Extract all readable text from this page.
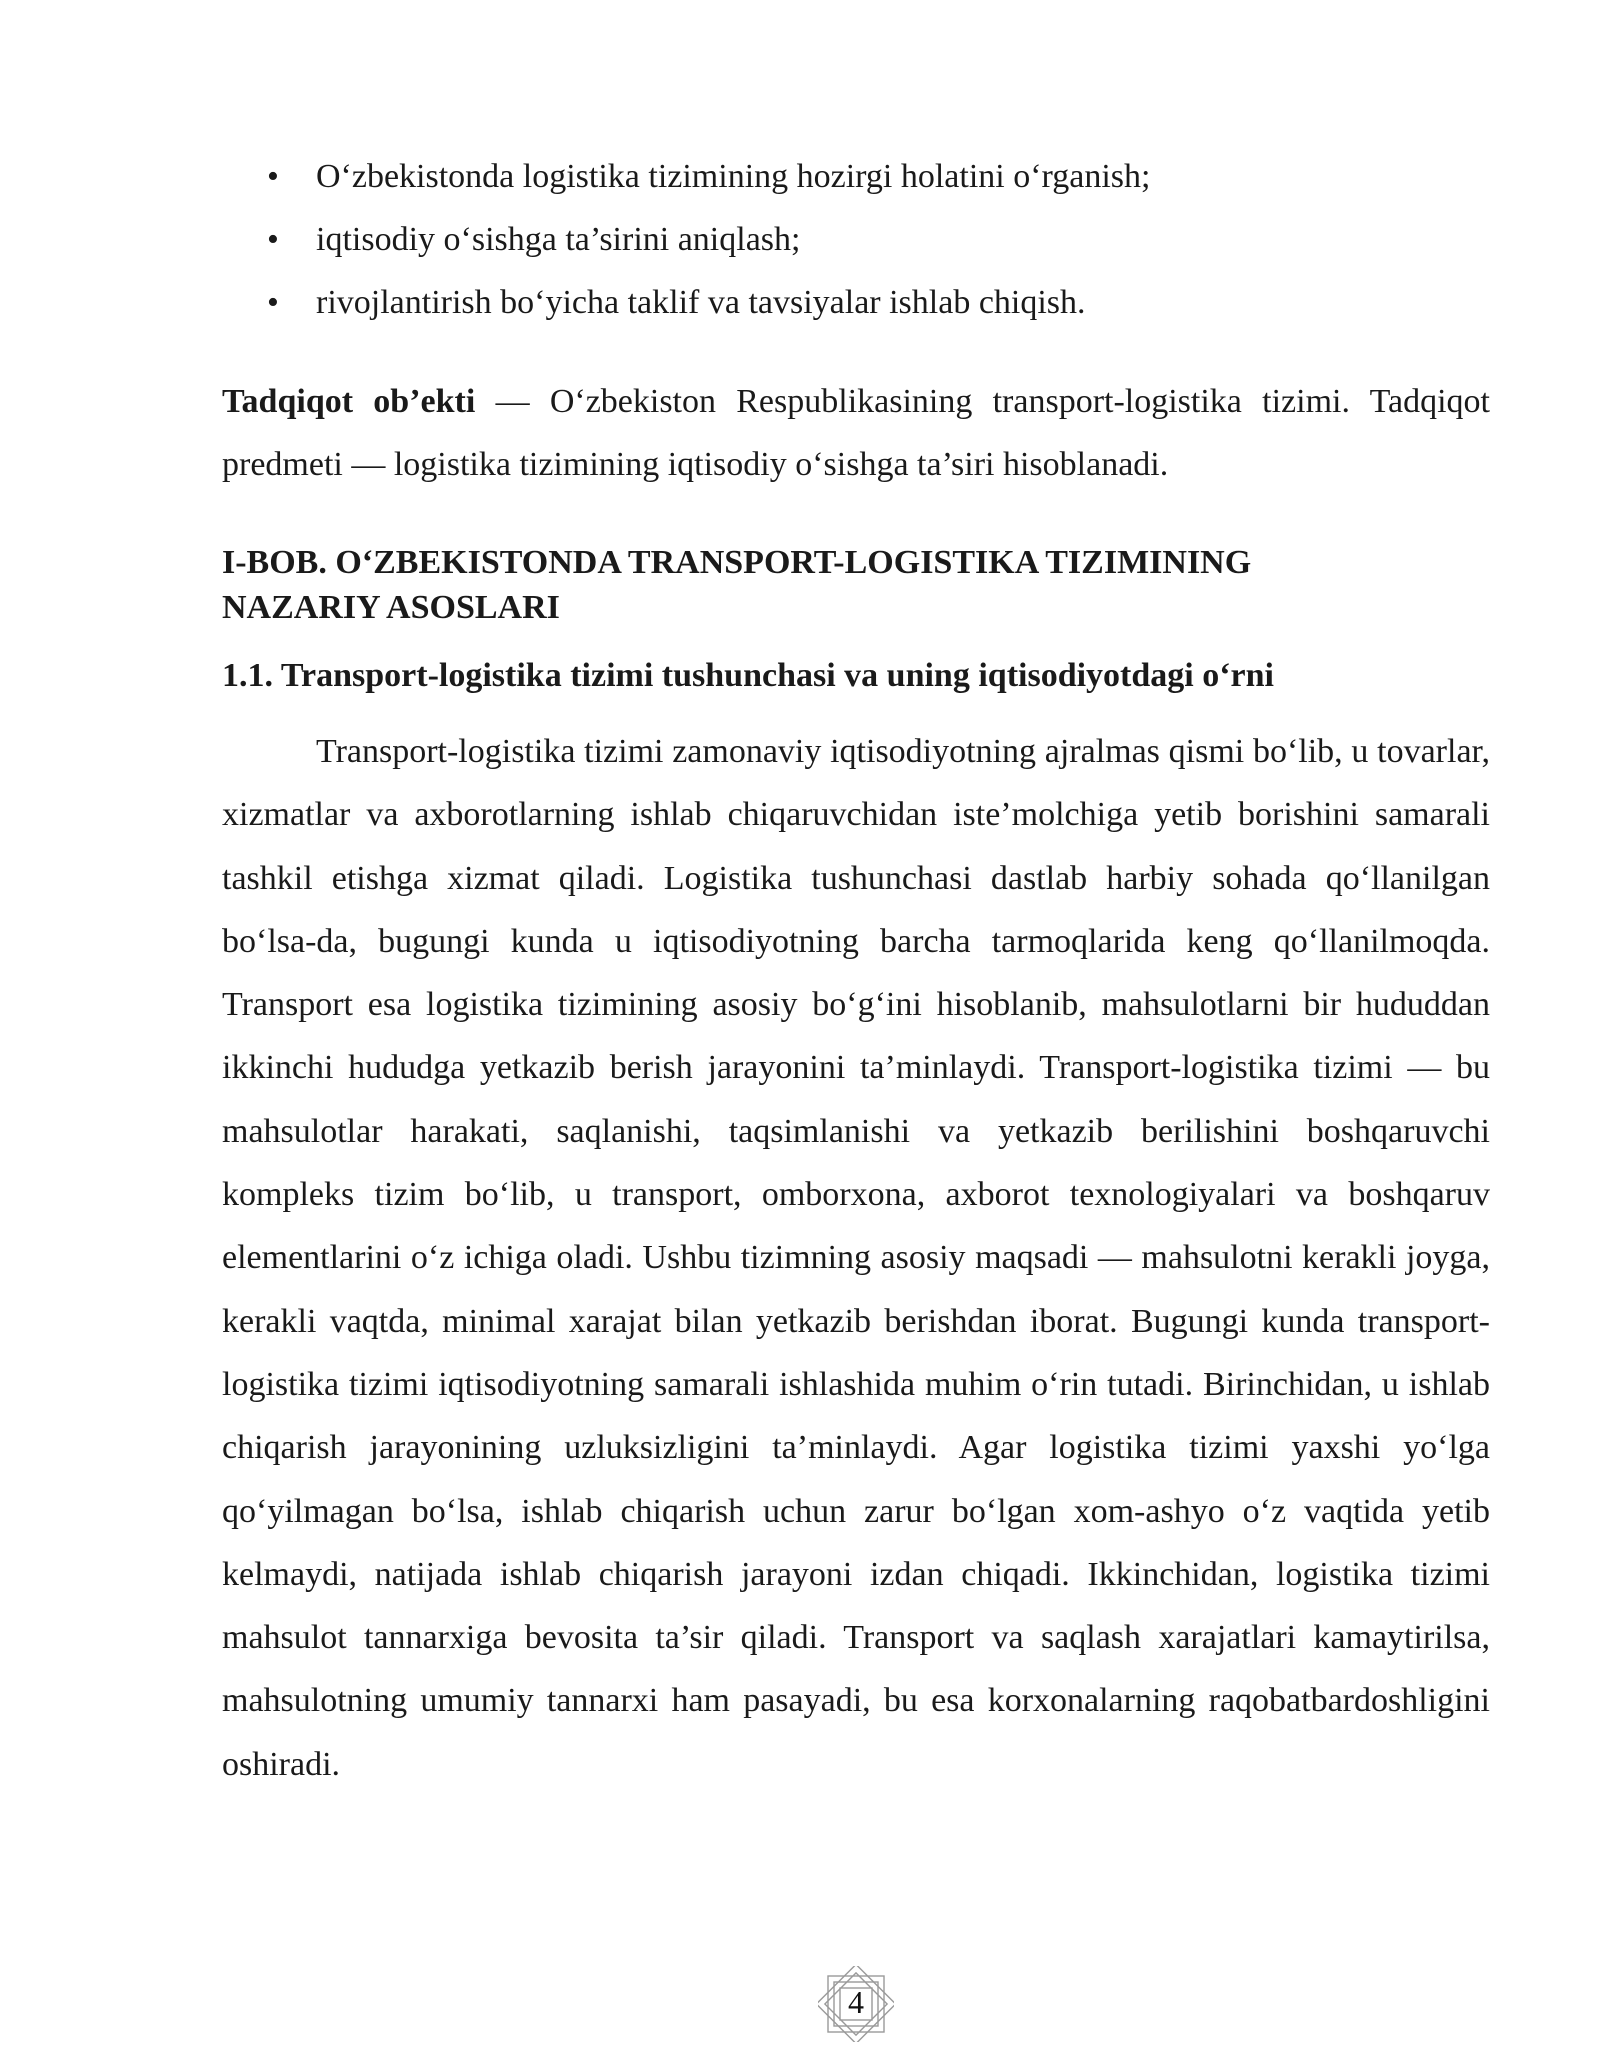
• O‘zbekistonda logistika tizimining hozirgi holatini o‘rganish;
• iqtisodiy o‘sishga ta’sirini aniqlash;
• rivojlantirish bo‘yicha taklif va tavsiyalar ishlab chiqish.

Tadqiqot ob’ekti — O‘zbekiston Respublikasining transport-logistika tizimi. Tadqiqot predmeti — logistika tizimining iqtisodiy o‘sishga ta’siri hisoblanadi.

I-BOB. O‘ZBEKISTONDA TRANSPORT-LOGISTIKA TIZIMINING NAZARIY ASOSLARI
1.1. Transport-logistika tizimi tushunchasi va uning iqtisodiyotdagi o‘rni

Transport-logistika tizimi zamonaviy iqtisodiyotning ajralmas qismi bo‘lib, u tovarlar, xizmatlar va axborotlarning ishlab chiqaruvchidan iste’molchiga yetib borishini samarali tashkil etishga xizmat qiladi. Logistika tushunchasi dastlab harbiy sohada qo‘llanilgan bo‘lsa-da, bugungi kunda u iqtisodiyotning barcha tarmoqlarida keng qo‘llanilmoqda. Transport esa logistika tizimining asosiy bo‘g‘ini hisoblanib, mahsulotlarni bir hududdan ikkinchi hududga yetkazib berish jarayonini ta’minlaydi. Transport-logistika tizimi — bu mahsulotlar harakati, saqlanishi, taqsimlanishi va yetkazib berilishini boshqaruvchi kompleks tizim bo‘lib, u transport, omborxona, axborot texnologiyalari va boshqaruv elementlarini o‘z ichiga oladi. Ushbu tizimning asosiy maqsadi — mahsulotni kerakli joyga, kerakli vaqtda, minimal xarajat bilan yetkazib berishdan iborat. Bugungi kunda transport-logistika tizimi iqtisodiyotning samarali ishlashida muhim o‘rin tutadi. Birinchidan, u ishlab chiqarish jarayonining uzluksizligini ta’minlaydi. Agar logistika tizimi yaxshi yo‘lga qo‘yilmagan bo‘lsa, ishlab chiqarish uchun zarur bo‘lgan xom-ashyo o‘z vaqtida yetib kelmaydi, natijada ishlab chiqarish jarayoni izdan chiqadi. Ikkinchidan, logistika tizimi mahsulot tannarxiga bevosita ta’sir qiladi. Transport va saqlash xarajatlari kamaytirilsa, mahsulotning umumiy tannarxi ham pasayadi, bu esa korxonalarning raqobatbardoshligini oshiradi.

4
